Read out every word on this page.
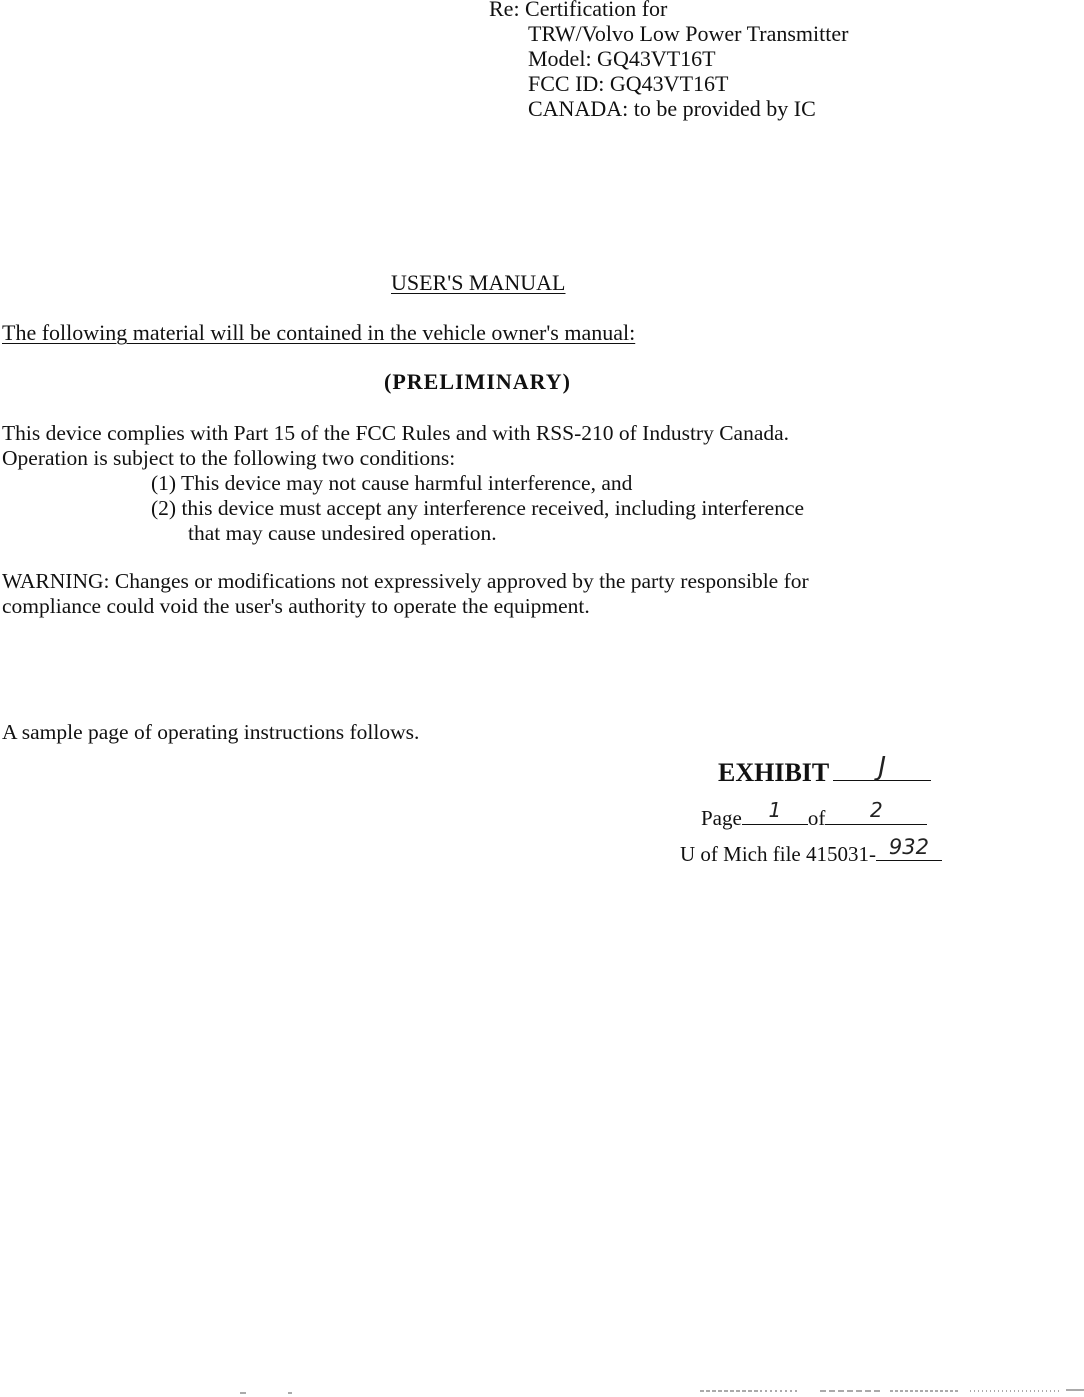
Re: Certification for
TRW/Volvo Low Power Transmitter
Model: GQ43VT16T
FCC ID: GQ43VT16T
CANADA: to be provided by IC
USER'S MANUAL
The following material will be contained in the vehicle owner's manual:
(PRELIMINARY)
This device complies with Part 15 of the FCC Rules and with RSS-210 of Industry Canada.
Operation is subject to the following two conditions:
(1) This device may not cause harmful interference, and
(2) this device must accept any interference received, including interference
that may cause undesired operation.
WARNING: Changes or modifications not expressively approved by the party responsible for
compliance could void the user's authority to operate the equipment.
A sample page of operating instructions follows.
EXHIBIT	J
Page	1	of	2
U of Mich file 415031- 932
